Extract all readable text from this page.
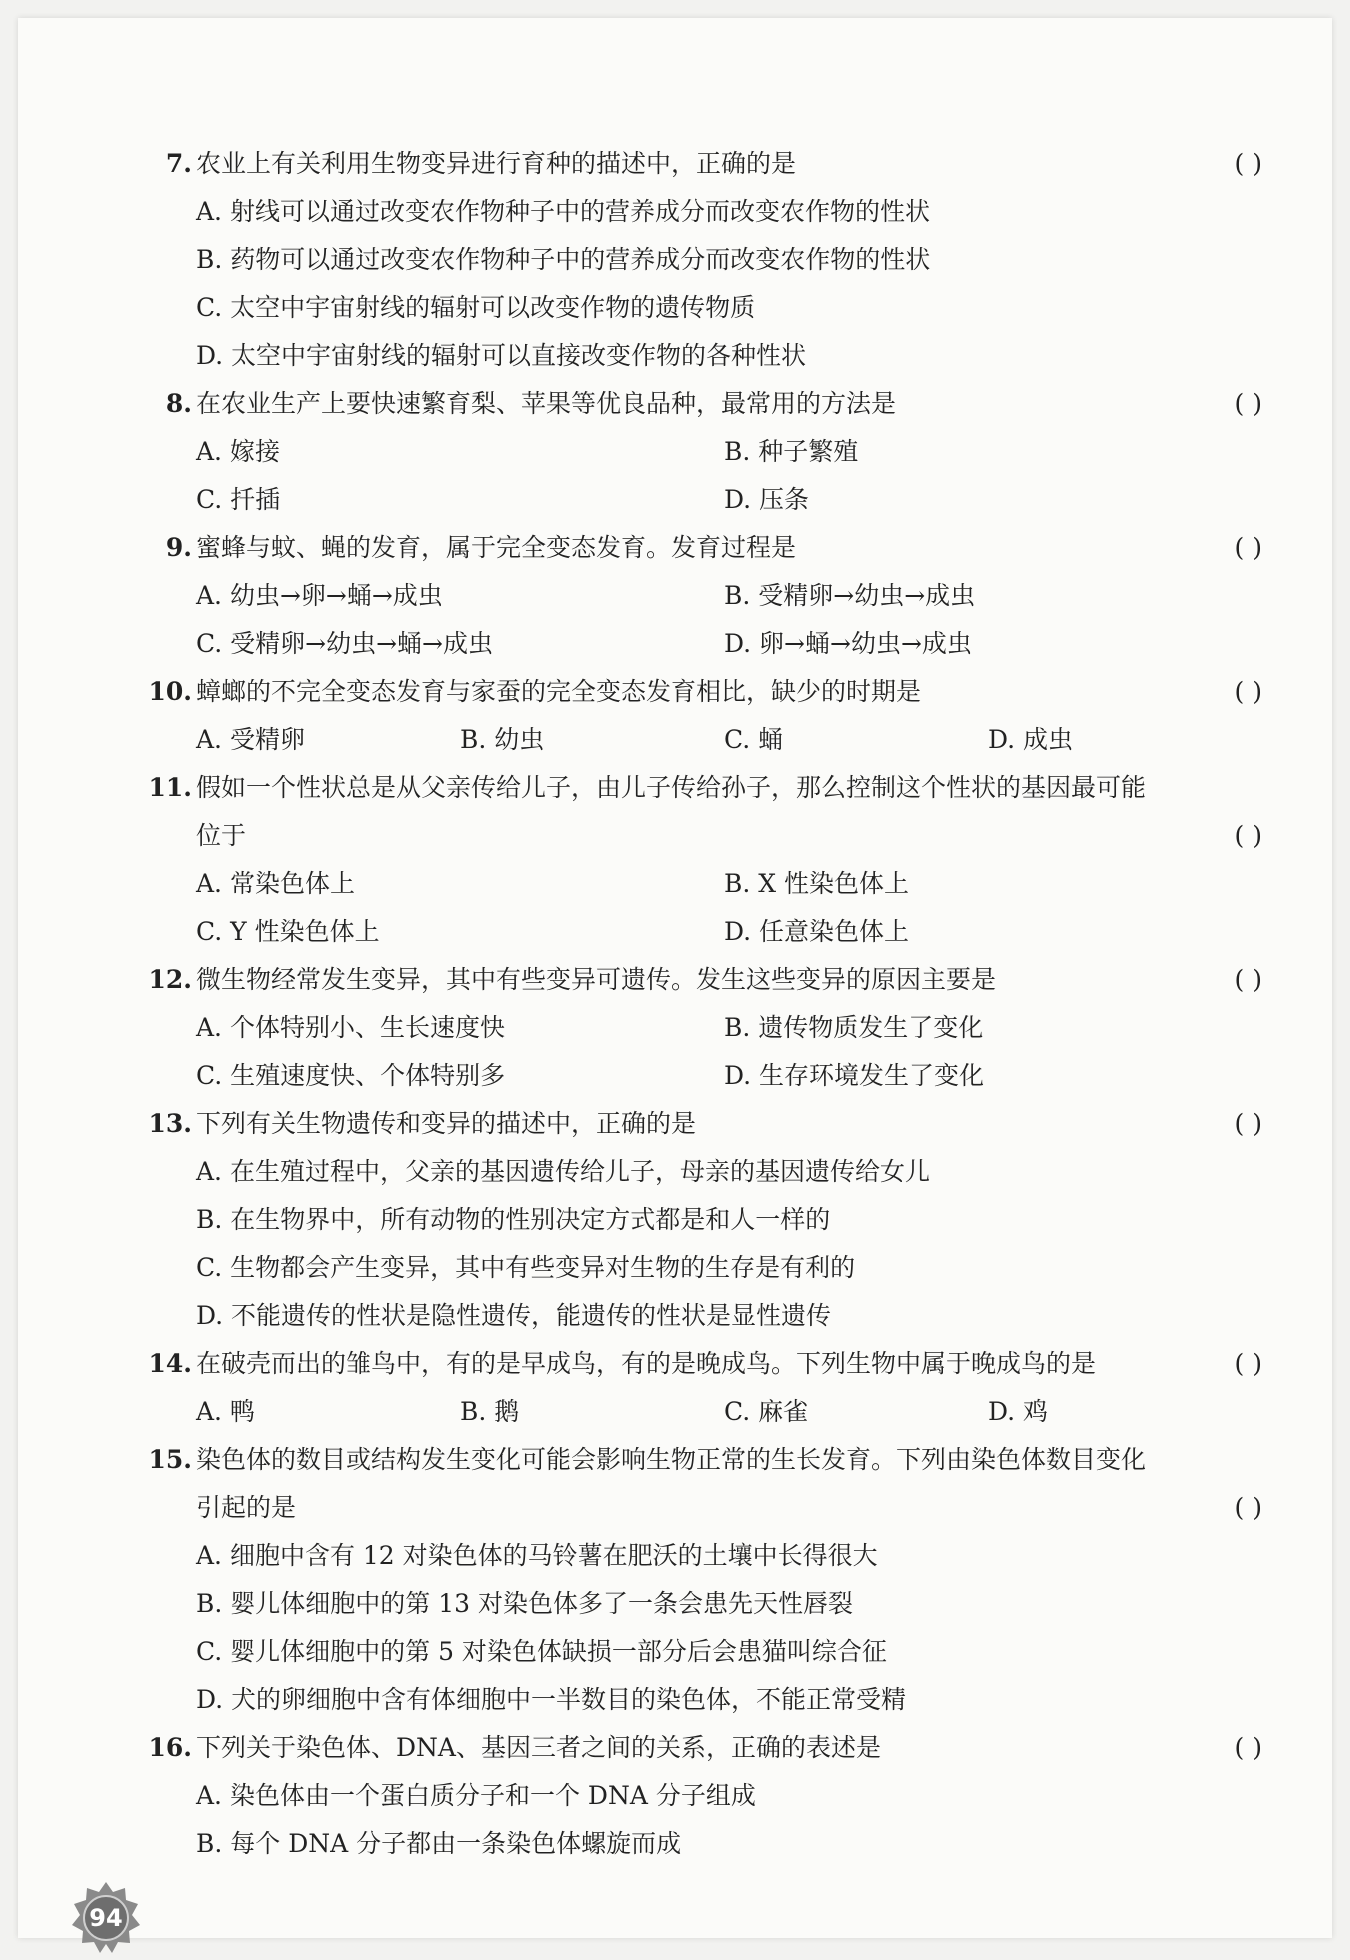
7. 农业上有关利用生物变异进行育种的描述中，正确的是	( )
A. 射线可以通过改变农作物种子中的营养成分而改变农作物的性状
B. 药物可以通过改变农作物种子中的营养成分而改变农作物的性状
C. 太空中宇宙射线的辐射可以改变作物的遗传物质
D. 太空中宇宙射线的辐射可以直接改变作物的各种性状
8. 在农业生产上要快速繁育梨、苹果等优良品种，最常用的方法是	( )
A. 嫁接	B. 种子繁殖
C. 扦插	D. 压条
9. 蜜蜂与蚊、蝇的发育，属于完全变态发育。发育过程是	( )
A. 幼虫→卵→蛹→成虫	B. 受精卵→幼虫→成虫
C. 受精卵→幼虫→蛹→成虫	D. 卵→蛹→幼虫→成虫
10. 蟑螂的不完全变态发育与家蚕的完全变态发育相比，缺少的时期是	( )
A. 受精卵	B. 幼虫	C. 蛹	D. 成虫
11. 假如一个性状总是从父亲传给儿子，由儿子传给孙子，那么控制这个性状的基因最可能
位于	( )
A. 常染色体上	B. X 性染色体上
C. Y 性染色体上	D. 任意染色体上
12. 微生物经常发生变异，其中有些变异可遗传。发生这些变异的原因主要是	( )
A. 个体特别小、生长速度快	B. 遗传物质发生了变化
C. 生殖速度快、个体特别多	D. 生存环境发生了变化
13. 下列有关生物遗传和变异的描述中，正确的是	( )
A. 在生殖过程中，父亲的基因遗传给儿子，母亲的基因遗传给女儿
B. 在生物界中，所有动物的性别决定方式都是和人一样的
C. 生物都会产生变异，其中有些变异对生物的生存是有利的
D. 不能遗传的性状是隐性遗传，能遗传的性状是显性遗传
14. 在破壳而出的雏鸟中，有的是早成鸟，有的是晚成鸟。下列生物中属于晚成鸟的是	( )
A. 鸭	B. 鹅	C. 麻雀	D. 鸡
15. 染色体的数目或结构发生变化可能会影响生物正常的生长发育。下列由染色体数目变化
引起的是	( )
A. 细胞中含有 12 对染色体的马铃薯在肥沃的土壤中长得很大
B. 婴儿体细胞中的第 13 对染色体多了一条会患先天性唇裂
C. 婴儿体细胞中的第 5 对染色体缺损一部分后会患猫叫综合征
D. 犬的卵细胞中含有体细胞中一半数目的染色体，不能正常受精
16. 下列关于染色体、DNA、基因三者之间的关系，正确的表述是	( )
A. 染色体由一个蛋白质分子和一个 DNA 分子组成
B. 每个 DNA 分子都由一条染色体螺旋而成
94
